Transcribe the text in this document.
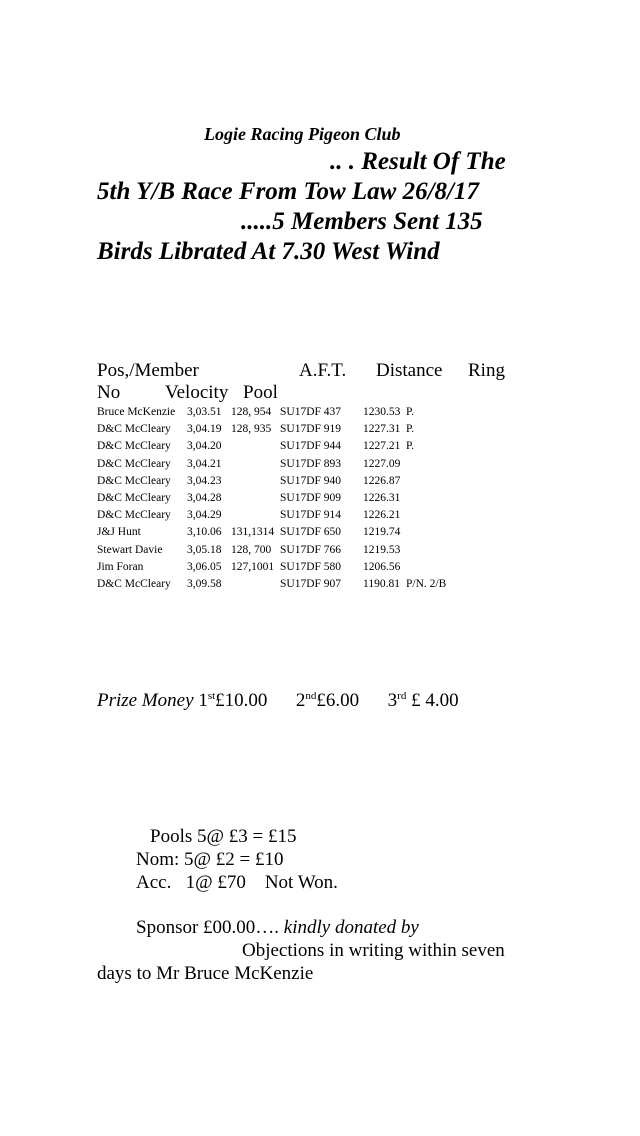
Logie Racing Pigeon Club
.. . Result Of The
5th Y/B Race From Tow Law 26/8/17
.....5 Members Sent 135
Birds Librated At 7.30 West Wind
Pos,/Member	A.F.T. Distance Ring
No Velocity Pool
Bruce McKenzie	3,03.51	128, 954	SU17DF 437	1230.53	P.
D&C McCleary	3,04.19	128, 935	SU17DF 919	1227.31	P.
D&C McCleary	3,04.20		SU17DF 944	1227.21	P.
D&C McCleary	3,04.21		SU17DF 893	1227.09	
D&C McCleary	3,04.23		SU17DF 940	1226.87	
D&C McCleary	3,04.28		SU17DF 909	1226.31	
D&C McCleary	3,04.29		SU17DF 914	1226.21	
J&J Hunt	3,10.06	131,1314	SU17DF 650	1219.74	
Stewart Davie	3,05.18	128, 700	SU17DF 766	1219.53	
Jim Foran	3,06.05	127,1001	SU17DF 580	1206.56	
D&C McCleary	3,09.58		SU17DF 907	1190.81	P/N. 2/B
Prize Money 1st£10.00 2nd£6.00 3rd £ 4.00
Pools 5@ £3 = £15
Nom: 5@ £2 = £10
Acc.   1@ £70    Not Won.
Sponsor £00.00…. kindly donated by
Objections in writing within seven
days to Mr Bruce McKenzie
